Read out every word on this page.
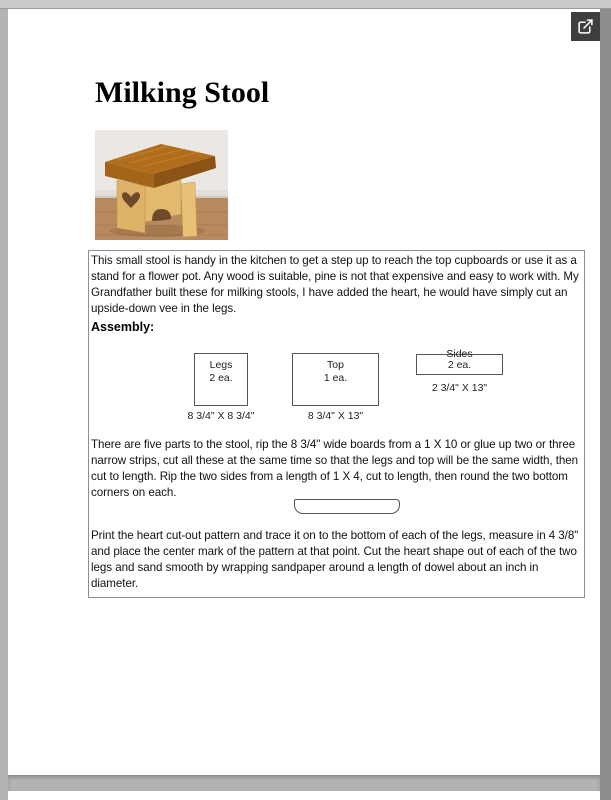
Milking Stool

This small stool is handy in the kitchen to get a step up to reach the top cupboards or use it as a stand for a flower pot. Any wood is suitable, pine is not that expensive and easy to work with. My Grandfather built these for milking stools, I have added the heart, he would have simply cut an upside-down vee in the legs.

Assembly:

Legs
2 ea.
8 3/4" X 8 3/4"
Top
1 ea.
8 3/4" X 13"
Sides
2 ea.
2 3/4" X 13"

There are five parts to the stool, rip the 8 3/4" wide boards from a 1 X 10 or glue up two or three narrow strips, cut all these at the same time so that the legs and top will be the same width, then cut to length. Rip the two sides from a length of 1 X 4, cut to length, then round the two bottom corners on each.

Print the heart cut-out pattern and trace it on to the bottom of each of the legs, measure in 4 3/8" and place the center mark of the pattern at that point. Cut the heart shape out of each of the two legs and sand smooth by wrapping sandpaper around a length of dowel about an inch in diameter.
